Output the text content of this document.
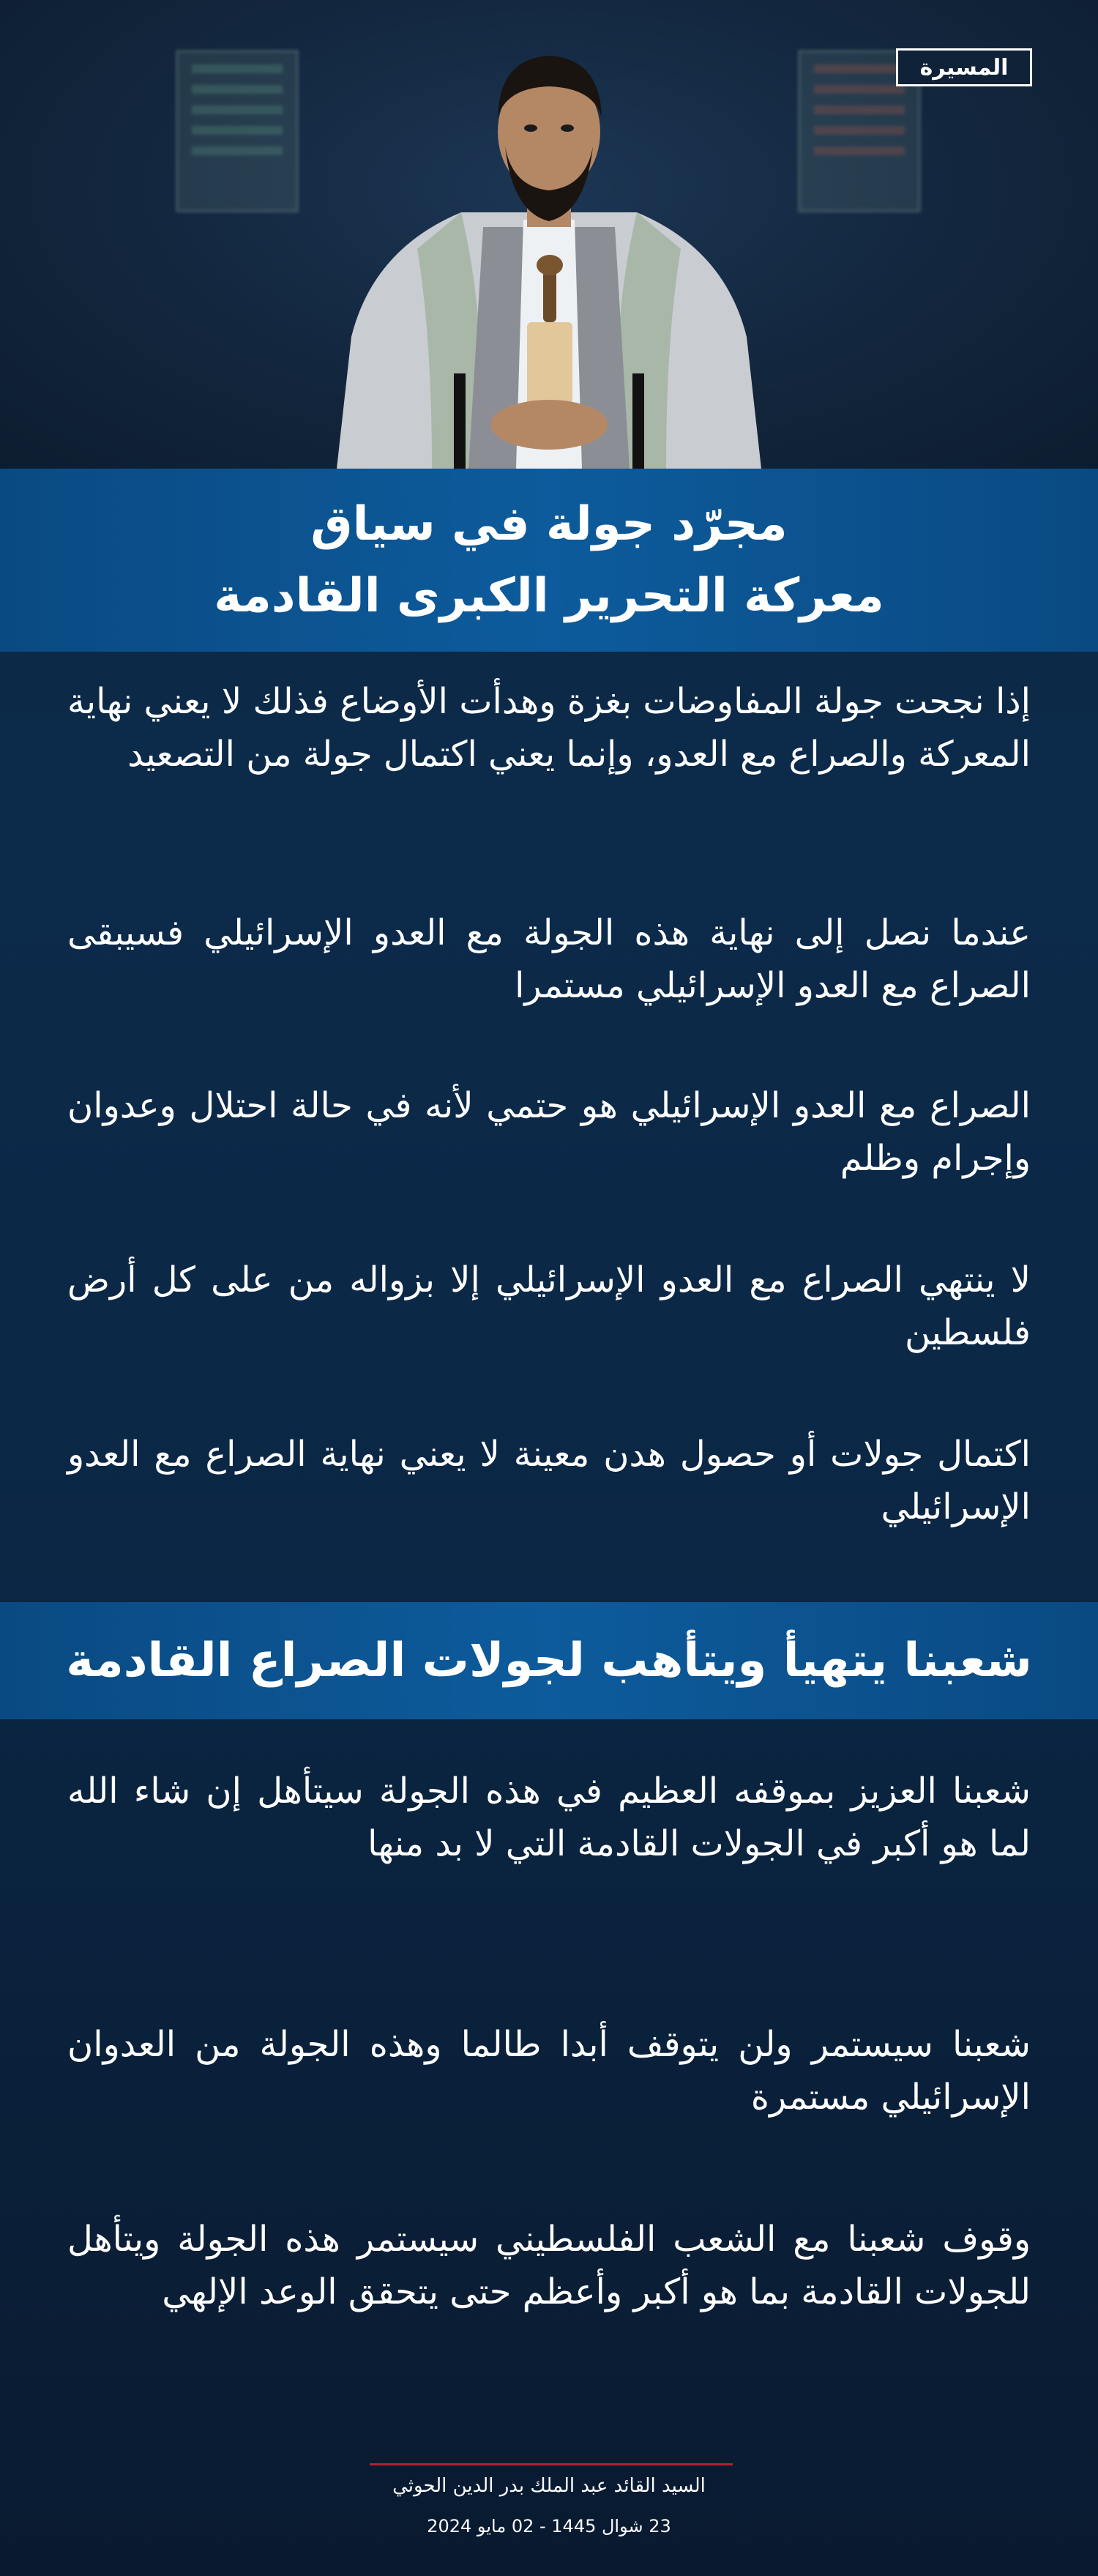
المسيرة
مجرّد جولة في سياق
معركة التحرير الكبرى القادمة
إذا نجحت جولة المفاوضات بغزة وهدأت الأوضاع فذلك لا يعني نهاية المعركة والصراع مع العدو، وإنما يعني اكتمال جولة من التصعيد
عندما نصل إلى نهاية هذه الجولة مع العدو الإسرائيلي فسيبقى الصراع مع العدو الإسرائيلي مستمرا
الصراع مع العدو الإسرائيلي هو حتمي لأنه في حالة احتلال وعدوان وإجرام وظلم
لا ينتهي الصراع مع العدو الإسرائيلي إلا بزواله من على كل أرض فلسطين
اكتمال جولات أو حصول هدن معينة لا يعني نهاية الصراع مع العدو الإسرائيلي
شعبنا يتهيأ ويتأهب لجولات الصراع القادمة
شعبنا العزيز بموقفه العظيم في هذه الجولة سيتأهل إن شاء الله لما هو أكبر في الجولات القادمة التي لا بد منها
شعبنا سيستمر ولن يتوقف أبدا طالما وهذه الجولة من العدوان الإسرائيلي مستمرة
وقوف شعبنا مع الشعب الفلسطيني سيستمر هذه الجولة ويتأهل للجولات القادمة بما هو أكبر وأعظم حتى يتحقق الوعد الإلهي
السيد القائد عبد الملك بدر الدين الحوثي
23 شوال 1445 - 02 مايو 2024
